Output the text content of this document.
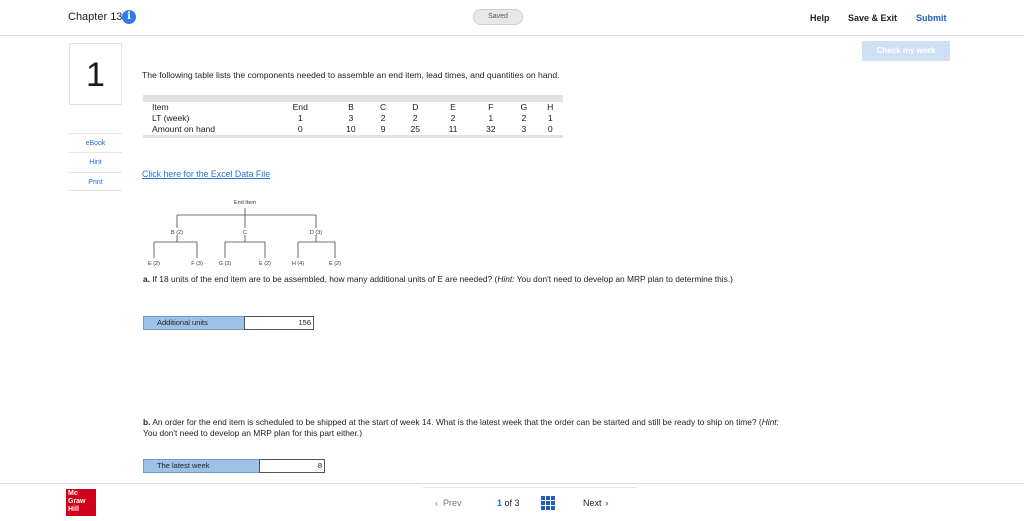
Chapter 13 i	Saved	Help Save & Exit Submit
Check my work
1
eBook
Hint
Print
The following table lists the components needed to assemble an end item, lead times, and quantities on hand.
Item	End	B	C	D	E	F	G	H
LT (week)	1	3	2	2	2	1	2	1
Amount on hand	0	10	9	25	11	32	3	0
Click here for the Excel Data File
End Item
B (2)	C	D (3)
E (2)	F (3)	G (2)	E (2)	H (4)	E (2)
a. If 18 units of the end item are to be assembled, how many additional units of E are needed? (Hint: You don't need to develop an MRP plan to determine this.)
Additional units	156
b. An order for the end item is scheduled to be shipped at the start of week 14. What is the latest week that the order can be started and still be ready to ship on time? (Hint: You don't need to develop an MRP plan for this part either.)
The latest week	8
Mc
Graw
Hill
‹ Prev	1 of 3	Next ›
